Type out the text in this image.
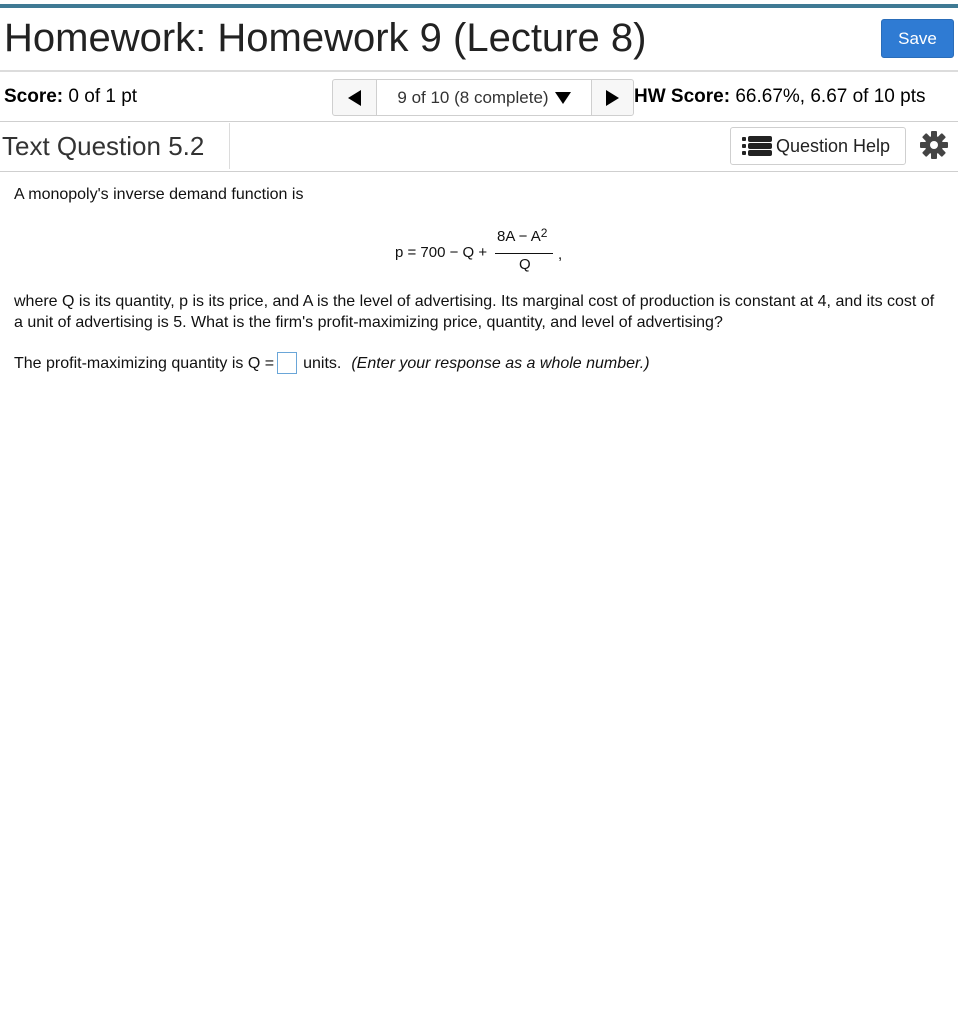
Homework: Homework 9 (Lecture 8)	Save
Score: 0 of 1 pt	9 of 10 (8 complete)	HW Score: 66.67%, 6.67 of 10 pts
Text Question 5.2	Question Help
A monopoly's inverse demand function is
p = 700 − Q +
$8A - A^2$
Q
,
where Q is its quantity, p is its price, and A is the level of advertising. Its marginal cost of production is constant at 4, and its cost of a unit of advertising is 5. What is the firm's profit-maximizing price, quantity, and level of advertising?
The profit-maximizing quantity is Q = units. (Enter your response as a whole number.)
